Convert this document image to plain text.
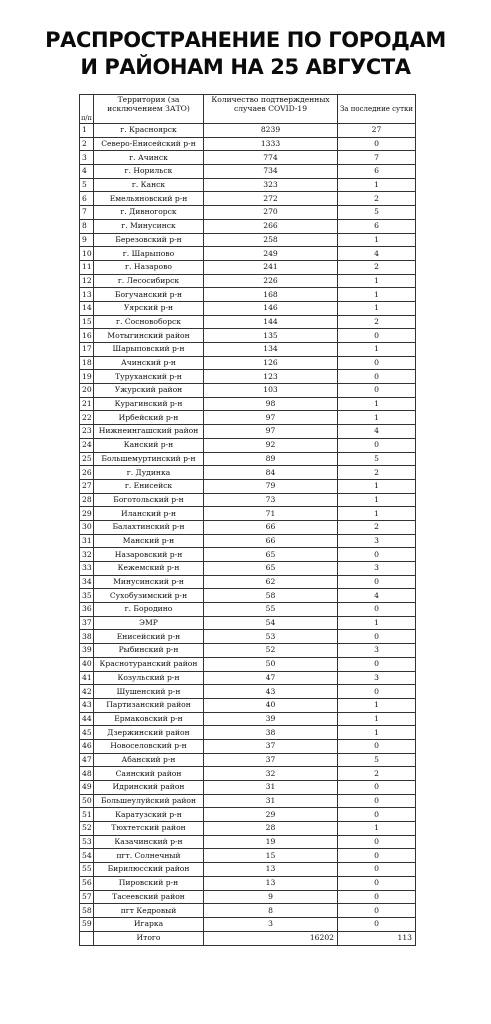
РАСПРОСТРАНЕНИЕ ПО ГОРОДАМ
И РАЙОНАМ НА 25 АВГУСТА
п/п	Территория (за исключением ЗАТО)	Количество подтвержденных случаев COVID-19	За последние сутки
1	г. Красноярск	8239	27
2	Северо-Енисейский р-н	1333	0
3	г. Ачинск	774	7
4	г. Норильск	734	6
5	г. Канск	323	1
6	Емельяновский р-н	272	2
7	г. Дивногорск	270	5
8	г. Минусинск	266	6
9	Березовский р-н	258	1
10	г. Шарыпово	249	4
11	г. Назарово	241	2
12	г. Лесосибирск	226	1
13	Богучанский р-н	168	1
14	Уярский р-н	146	1
15	г. Сосновоборск	144	2
16	Мотыгинский район	135	0
17	Шарыповский р-н	134	1
18	Ачинский р-н	126	0
19	Туруханский р-н	123	0
20	Ужурский район	103	0
21	Курагинский р-н	98	1
22	Ирбейский р-н	97	1
23	Нижнеингашский район	97	4
24	Канский р-н	92	0
25	Большемуртинский р-н	89	5
26	г. Дудинка	84	2
27	г. Енисейск	79	1
28	Боготольский р-н	73	1
29	Иланский р-н	71	1
30	Балахтинский р-н	66	2
31	Манский р-н	66	3
32	Назаровский р-н	65	0
33	Кежемский р-н	65	3
34	Минусинский р-н	62	0
35	Сухобузимский р-н	58	4
36	г. Бородино	55	0
37	ЭМР	54	1
38	Енисейский р-н	53	0
39	Рыбинский р-н	52	3
40	Краснотуранский район	50	0
41	Козульский р-н	47	3
42	Шушенский р-н	43	0
43	Партизанский район	40	1
44	Ермаковский р-н	39	1
45	Дзержинский район	38	1
46	Новоселовский р-н	37	0
47	Абанский р-н	37	5
48	Саянский район	32	2
49	Идринский район	31	0
50	Большеулуйский район	31	0
51	Каратузский р-н	29	0
52	Тюхтетский район	28	1
53	Казачинский р-н	19	0
54	пгт. Солнечный	15	0
55	Бирилюсский район	13	0
56	Пировский р-н	13	0
57	Тасеевский район	9	0
58	пгт Кедровый	8	0
59	Игарка	3	0
	Итого	16202	113
